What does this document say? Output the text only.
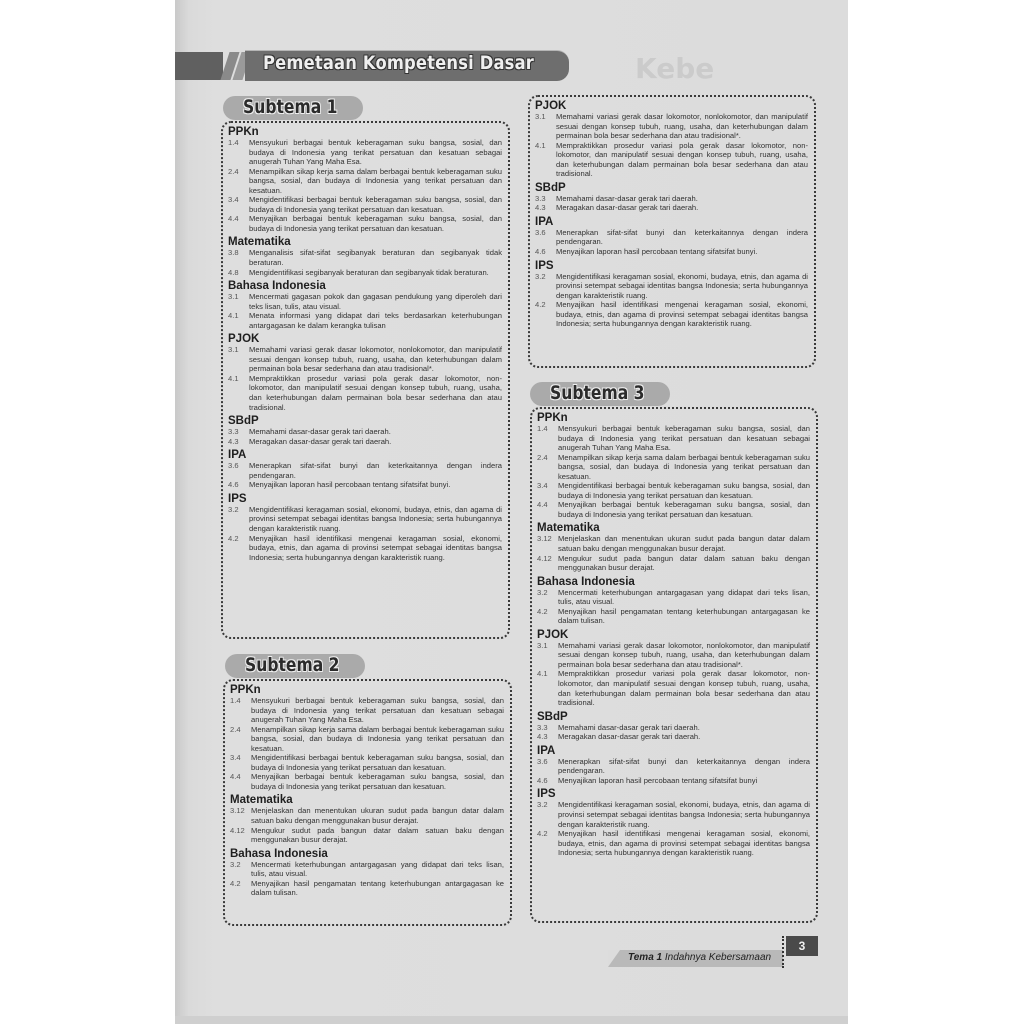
Kebe
Pemetaan Kompetensi Dasar
Subtema 1
PPKn
1.4	Mensyukuri berbagai bentuk keberagaman suku bangsa, sosial, dan budaya di Indonesia yang terikat persatuan dan kesatuan sebagai anugerah Tuhan Yang Maha Esa.
2.4	Menampilkan sikap kerja sama dalam berbagai bentuk keberagaman suku bangsa, sosial, dan budaya di Indonesia yang terikat persatuan dan kesatuan.
3.4	Mengidentifikasi berbagai bentuk keberagaman suku bangsa, sosial, dan budaya di Indonesia yang terikat persatuan dan kesatuan.
4.4	Menyajikan berbagai bentuk keberagaman suku bangsa, sosial, dan budaya di Indonesia yang terikat persatuan dan kesatuan.
Matematika
3.8	Menganalisis sifat-sifat segibanyak beraturan dan segibanyak tidak beraturan.
4.8	Mengidentifikasi segibanyak beraturan dan segibanyak tidak beraturan.
Bahasa Indonesia
3.1	Mencermati gagasan pokok dan gagasan pendukung yang diperoleh dari teks lisan, tulis, atau visual.
4.1	Menata informasi yang didapat dari teks berdasarkan keterhubungan antargagasan ke dalam kerangka tulisan
PJOK
3.1	Memahami variasi gerak dasar lokomotor, nonlokomotor, dan manipulatif sesuai dengan konsep tubuh, ruang, usaha, dan keterhubungan dalam permainan bola besar sederhana dan atau tradisional*.
4.1	Mempraktikkan prosedur variasi pola gerak dasar lokomotor, non-lokomotor, dan manipulatif sesuai dengan konsep tubuh, ruang, usaha, dan keterhubungan dalam permainan bola besar sederhana dan atau tradisional.
SBdP
3.3	Memahami dasar-dasar gerak tari daerah.
4.3	Meragakan dasar-dasar gerak tari daerah.
IPA
3.6	Menerapkan sifat-sifat bunyi dan keterkaitannya dengan indera pendengaran.
4.6	Menyajikan laporan hasil percobaan tentang sifatsifat bunyi.
IPS
3.2	Mengidentifikasi keragaman sosial, ekonomi, budaya, etnis, dan agama di provinsi setempat sebagai identitas bangsa Indonesia; serta hubungannya dengan karakteristik ruang.
4.2	Menyajikan hasil identifikasi mengenai keragaman sosial, ekonomi, budaya, etnis, dan agama di provinsi setempat sebagai identitas bangsa Indonesia; serta hubungannya dengan karakteristik ruang.
Subtema 2
PPKn
1.4	Mensyukuri berbagai bentuk keberagaman suku bangsa, sosial, dan budaya di Indonesia yang terikat persatuan dan kesatuan sebagai anugerah Tuhan Yang Maha Esa.
2.4	Menampilkan sikap kerja sama dalam berbagai bentuk keberagaman suku bangsa, sosial, dan budaya di Indonesia yang terikat persatuan dan kesatuan.
3.4	Mengidentifikasi berbagai bentuk keberagaman suku bangsa, sosial, dan budaya di Indonesia yang terikat persatuan dan kesatuan.
4.4	Menyajikan berbagai bentuk keberagaman suku bangsa, sosial, dan budaya di Indonesia yang terikat persatuan dan kesatuan.
Matematika
3.12 Menjelaskan dan menentukan ukuran sudut pada bangun datar dalam satuan baku dengan menggunakan busur derajat.
4.12 Mengukur sudut pada bangun datar dalam satuan baku dengan menggunakan busur derajat.
Bahasa Indonesia
3.2	Mencermati keterhubungan antargagasan yang didapat dari teks lisan, tulis, atau visual.
4.2	Menyajikan hasil pengamatan tentang keterhubungan antargagasan ke dalam tulisan.
PJOK
3.1	Memahami variasi gerak dasar lokomotor, nonlokomotor, dan manipulatif sesuai dengan konsep tubuh, ruang, usaha, dan keterhubungan dalam permainan bola besar sederhana dan atau tradisional*.
4.1	Mempraktikkan prosedur variasi pola gerak dasar lokomotor, non-lokomotor, dan manipulatif sesuai dengan konsep tubuh, ruang, usaha, dan keterhubungan dalam permainan bola besar sederhana dan atau tradisional.
SBdP
3.3	Memahami dasar-dasar gerak tari daerah.
4.3	Meragakan dasar-dasar gerak tari daerah.
IPA
3.6	Menerapkan sifat-sifat bunyi dan keterkaitannya dengan indera pendengaran.
4.6	Menyajikan laporan hasil percobaan tentang sifatsifat bunyi.
IPS
3.2	Mengidentifikasi keragaman sosial, ekonomi, budaya, etnis, dan agama di provinsi setempat sebagai identitas bangsa Indonesia; serta hubungannya dengan karakteristik ruang.
4.2	Menyajikan hasil identifikasi mengenai keragaman sosial, ekonomi, budaya, etnis, dan agama di provinsi setempat sebagai identitas bangsa Indonesia; serta hubungannya dengan karakteristik ruang.
Subtema 3
PPKn
1.4	Mensyukuri berbagai bentuk keberagaman suku bangsa, sosial, dan budaya di Indonesia yang terikat persatuan dan kesatuan sebagai anugerah Tuhan Yang Maha Esa.
2.4	Menampilkan sikap kerja sama dalam berbagai bentuk keberagaman suku bangsa, sosial, dan budaya di Indonesia yang terikat persatuan dan kesatuan.
3.4	Mengidentifikasi berbagai bentuk keberagaman suku bangsa, sosial, dan budaya di Indonesia yang terikat persatuan dan kesatuan.
4.4	Menyajikan berbagai bentuk keberagaman suku bangsa, sosial, dan budaya di Indonesia yang terikat persatuan dan kesatuan.
Matematika
3.12 Menjelaskan dan menentukan ukuran sudut pada bangun datar dalam satuan baku dengan menggunakan busur derajat.
4.12 Mengukur sudut pada bangun datar dalam satuan baku dengan menggunakan busur derajat.
Bahasa Indonesia
3.2	Mencermati keterhubungan antargagasan yang didapat dari teks lisan, tulis, atau visual.
4.2	Menyajikan hasil pengamatan tentang keterhubungan antargagasan ke dalam tulisan.
PJOK
3.1	Memahami variasi gerak dasar lokomotor, nonlokomotor, dan manipulatif sesuai dengan konsep tubuh, ruang, usaha, dan keterhubungan dalam permainan bola besar sederhana dan atau tradisional*.
4.1	Mempraktikkan prosedur variasi pola gerak dasar lokomotor, non-lokomotor, dan manipulatif sesuai dengan konsep tubuh, ruang, usaha, dan keterhubungan dalam permainan bola besar sederhana dan atau tradisional.
SBdP
3.3	Memahami dasar-dasar gerak tari daerah.
4.3	Meragakan dasar-dasar gerak tari daerah.
IPA
3.6	Menerapkan sifat-sifat bunyi dan keterkaitannya dengan indera pendengaran.
4.6	Menyajikan laporan hasil percobaan tentang sifatsifat bunyi
IPS
3.2	Mengidentifikasi keragaman sosial, ekonomi, budaya, etnis, dan agama di provinsi setempat sebagai identitas bangsa Indonesia; serta hubungannya dengan karakteristik ruang.
4.2	Menyajikan hasil identifikasi mengenai keragaman sosial, ekonomi, budaya, etnis, dan agama di provinsi setempat sebagai identitas bangsa Indonesia; serta hubungannya dengan karakteristik ruang.
Tema 1 Indahnya Kebersamaan
3
